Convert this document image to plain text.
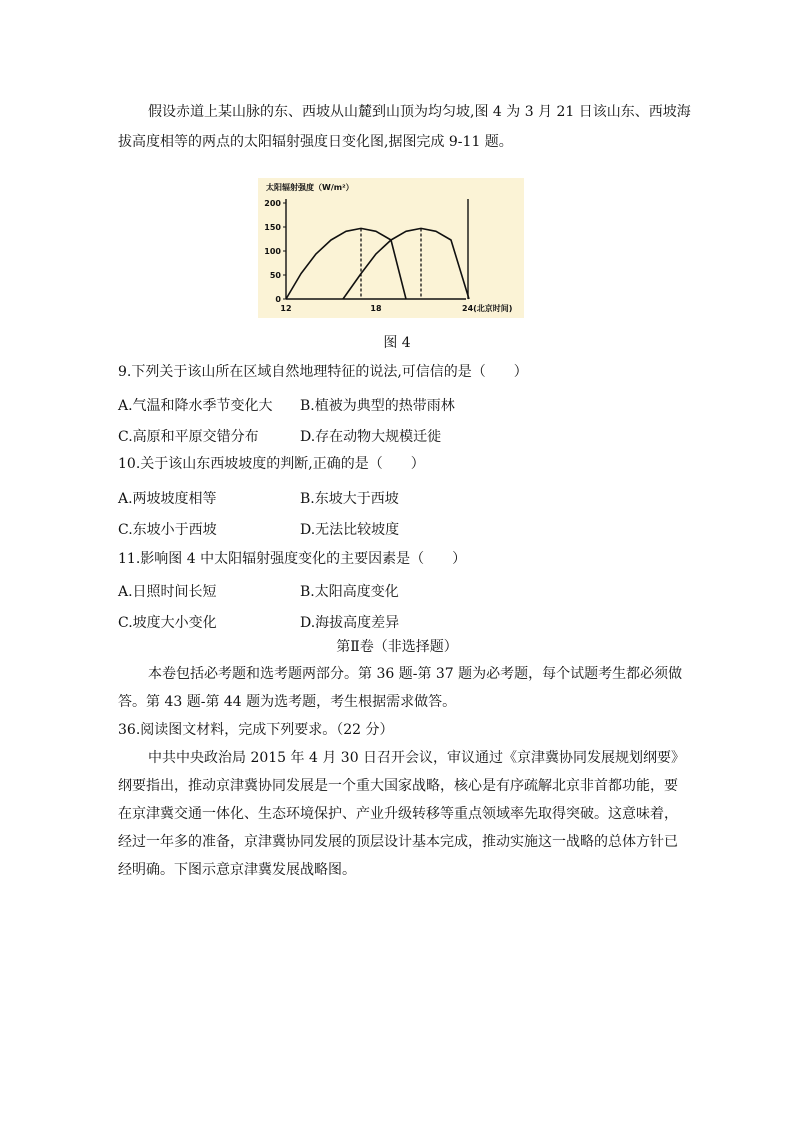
假设赤道上某山脉的东、西坡从山麓到山顶为均匀坡,图 4 为 3 月 21 日该山东、西坡海
拔高度相等的两点的太阳辐射强度日变化图,据图完成 9-11 题。
太阳辐射强度（W/m²）
200
150
100
50
0
12	18	24(北京时间)
图 4
9.下列关于该山所在区域自然地理特征的说法,可信信的是（　　）
A.气温和降水季节变化大 B.植被为典型的热带雨林
C.高原和平原交错分布	D.存在动物大规模迁徙
10.关于该山东西坡坡度的判断,正确的是（　　）
A.两坡坡度相等	B.东坡大于西坡
C.东坡小于西坡	D.无法比较坡度
11.影响图 4 中太阳辐射强度变化的主要因素是（　　）
A.日照时间长短	B.太阳高度变化
C.坡度大小变化	D.海拔高度差异
第Ⅱ卷（非选择题）
本卷包括必考题和选考题两部分。第 36 题-第 37 题为必考题，每个试题考生都必须做
答。第 43 题-第 44 题为选考题，考生根据需求做答。
36.阅读图文材料，完成下列要求。（22 分）
中共中央政治局 2015 年 4 月 30 日召开会议，审议通过《京津冀协同发展规划纲要》
纲要指出，推动京津冀协同发展是一个重大国家战略，核心是有序疏解北京非首都功能，要
在京津冀交通一体化、生态环境保护、产业升级转移等重点领域率先取得突破。这意味着，
经过一年多的准备，京津冀协同发展的顶层设计基本完成，推动实施这一战略的总体方针已
经明确。下图示意京津冀发展战略图。
